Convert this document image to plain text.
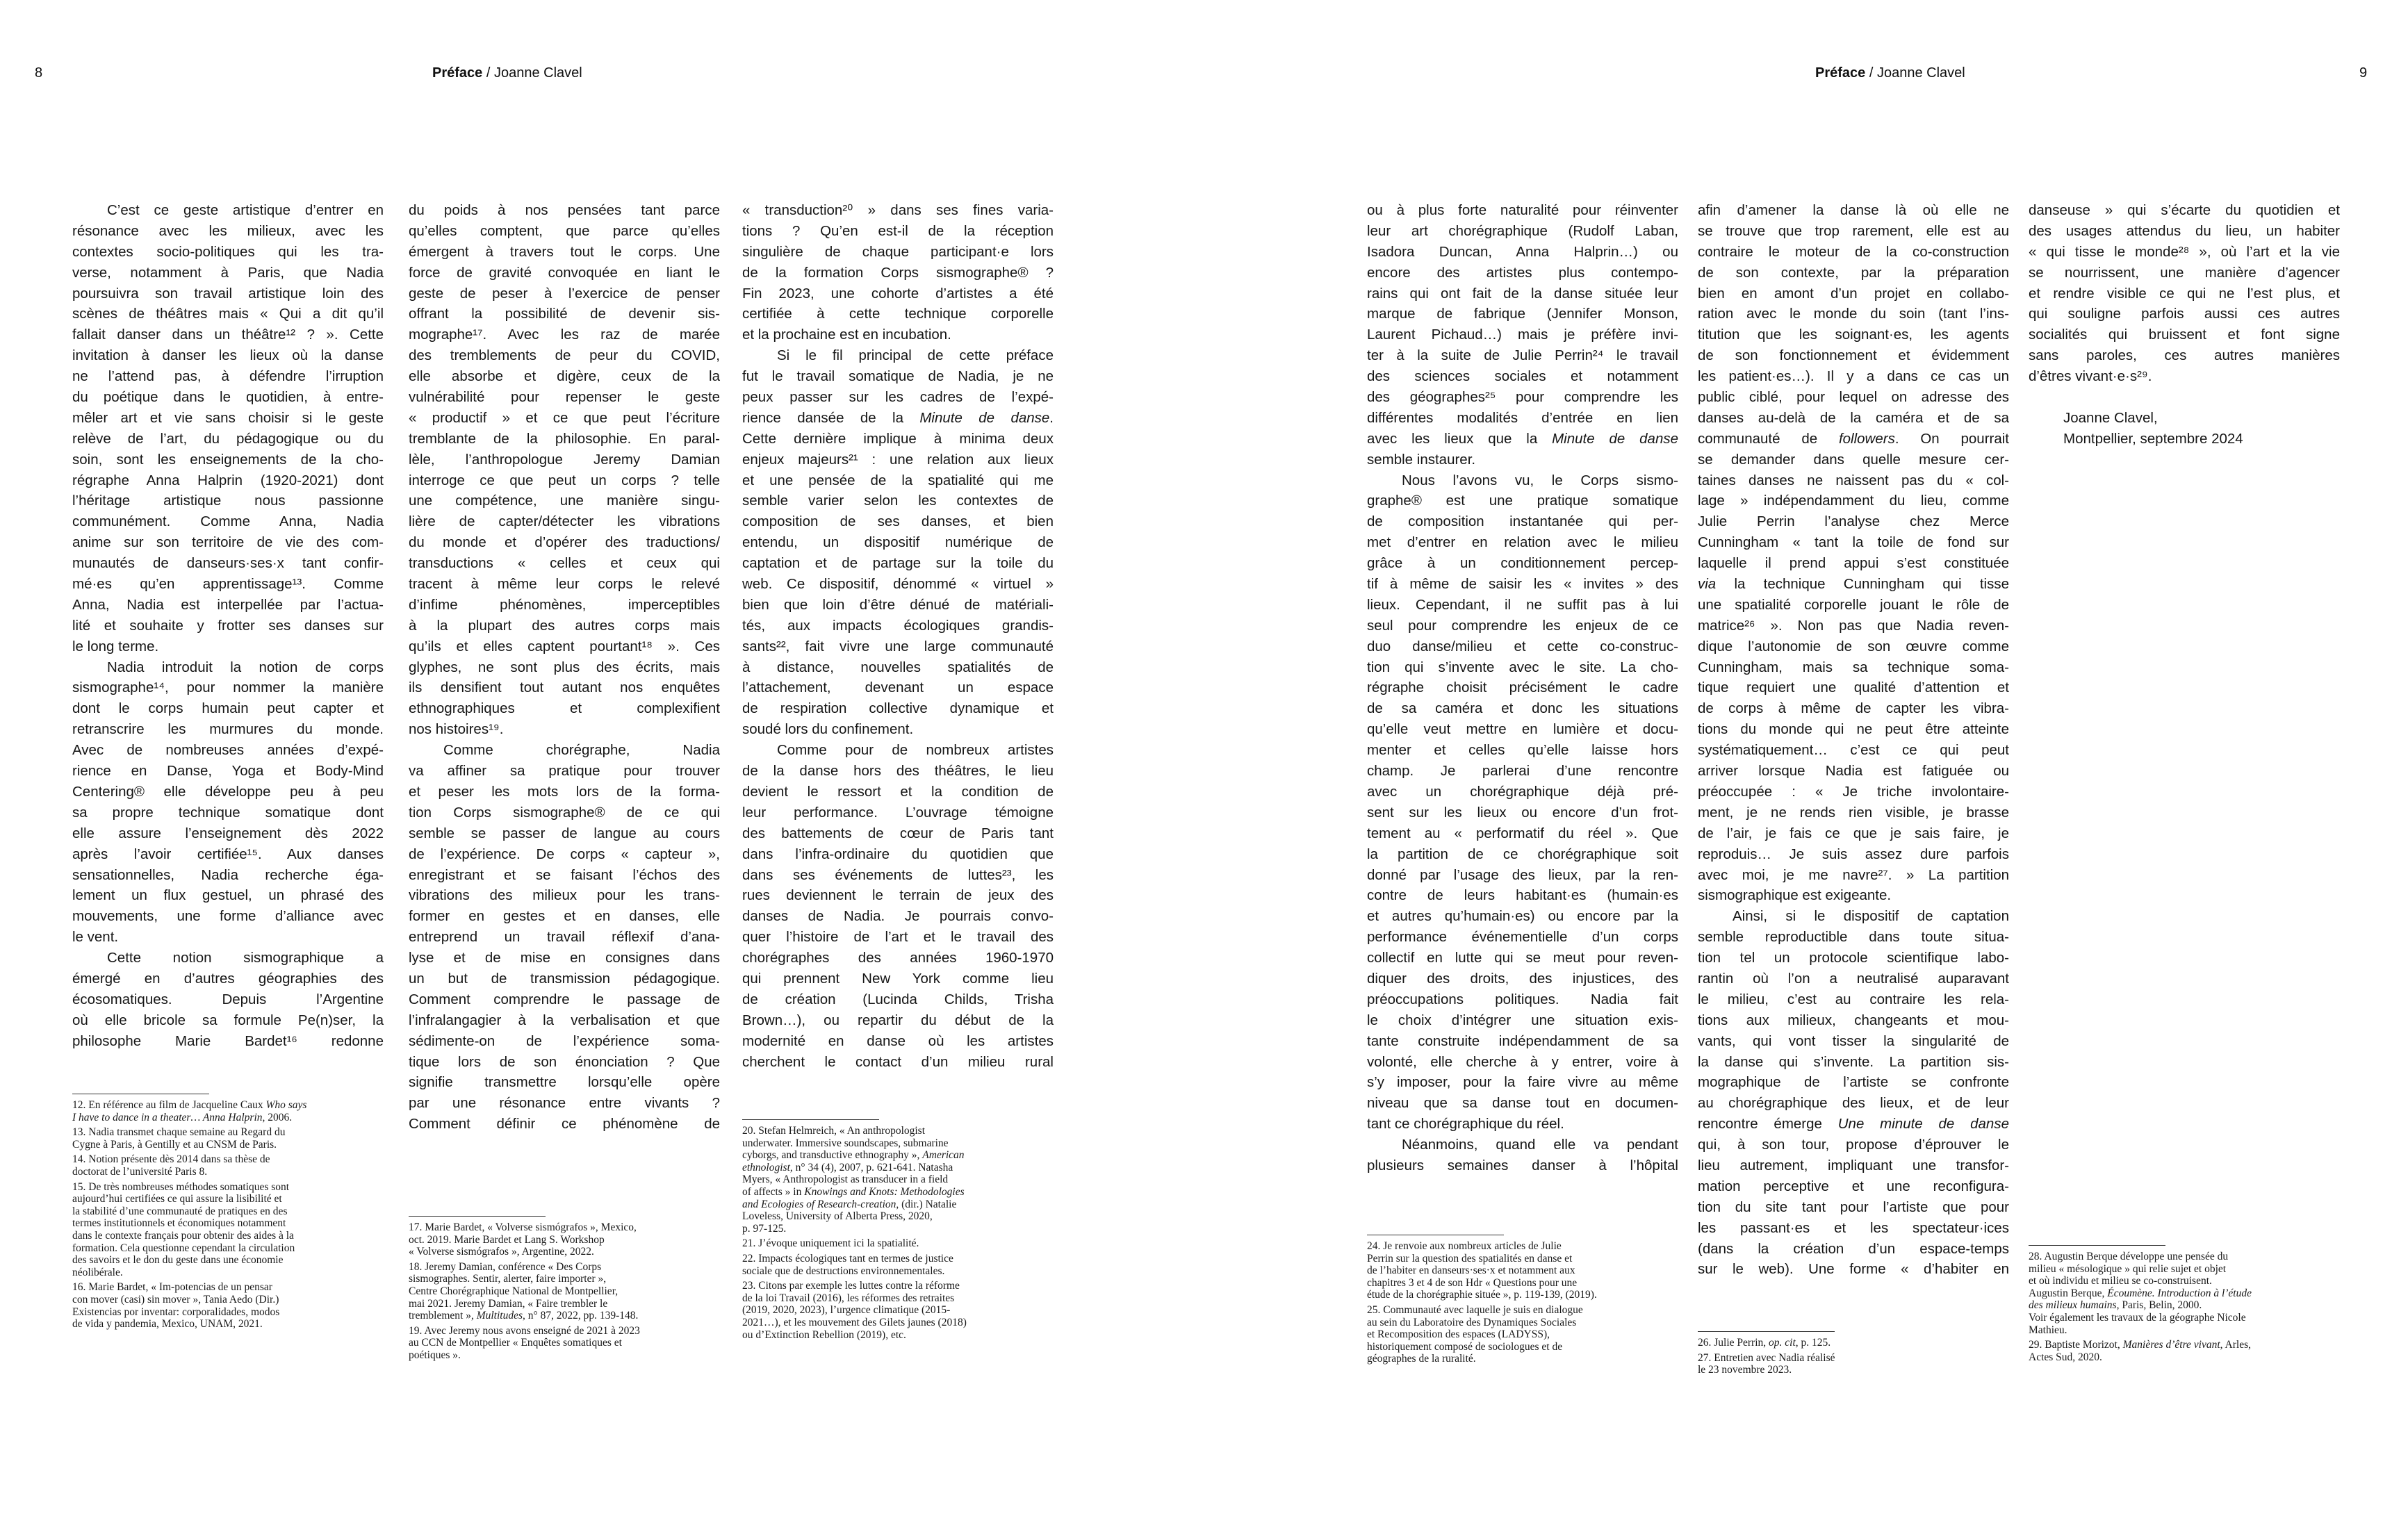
8	Préface / Joanne Clavel	Préface / Joanne Clavel	9
C’est ce geste artistique d’entrer en
résonance avec les milieux, avec les
contextes socio-politiques qui les tra-
verse, notamment à Paris, que Nadia
poursuivra son travail artistique loin des
scènes de théâtres mais « Qui a dit qu’il
fallait danser dans un théâtre¹² ? ». Cette
invitation à danser les lieux où la danse
ne l’attend pas, à défendre l’irruption
du poétique dans le quotidien, à entre-
mêler art et vie sans choisir si le geste
relève de l’art, du pédagogique ou du
soin, sont les enseignements de la cho-
régraphe Anna Halprin (1920-2021) dont
l’héritage artistique nous passionne
communément. Comme Anna, Nadia
anime sur son territoire de vie des com-
munautés de danseurs·ses·x tant confir-
mé·es qu’en apprentissage¹³. Comme
Anna, Nadia est interpellée par l’actua-
lité et souhaite y frotter ses danses sur
le long terme.
Nadia introduit la notion de corps
sismographe¹⁴, pour nommer la manière
dont le corps humain peut capter et
retranscrire les murmures du monde.
Avec de nombreuses années d’expé-
rience en Danse, Yoga et Body-Mind
Centering® elle développe peu à peu
sa propre technique somatique dont
elle assure l’enseignement dès 2022
après l’avoir certifiée¹⁵. Aux danses
sensationnelles, Nadia recherche éga-
lement un flux gestuel, un phrasé des
mouvements, une forme d’alliance avec
le vent.
Cette notion sismographique a
émergé en d’autres géographies des
écosomatiques. Depuis l’Argentine
où elle bricole sa formule Pe(n)ser, la
philosophe Marie Bardet¹⁶ redonne
du poids à nos pensées tant parce
qu’elles comptent, que parce qu’elles
émergent à travers tout le corps. Une
force de gravité convoquée en liant le
geste de peser à l’exercice de penser
offrant la possibilité de devenir sis-
mographe¹⁷. Avec les raz de marée
des tremblements de peur du COVID,
elle absorbe et digère, ceux de la
vulnérabilité pour repenser le geste
« productif » et ce que peut l’écriture
tremblante de la philosophie. En paral-
lèle, l’anthropologue Jeremy Damian
interroge ce que peut un corps ? telle
une compétence, une manière singu-
lière de capter/détecter les vibrations
du monde et d’opérer des traductions/
transductions « celles et ceux qui
tracent à même leur corps le relevé
d’infime phénomènes, imperceptibles
à la plupart des autres corps mais
qu’ils et elles captent pourtant¹⁸ ». Ces
glyphes, ne sont plus des écrits, mais
ils densifient tout autant nos enquêtes
ethnographiques et complexifient
nos histoires¹⁹.
Comme chorégraphe, Nadia
va affiner sa pratique pour trouver
et peser les mots lors de la forma-
tion Corps sismographe® de ce qui
semble se passer de langue au cours
de l’expérience. De corps « capteur »,
enregistrant et se faisant l’échos des
vibrations des milieux pour les trans-
former en gestes et en danses, elle
entreprend un travail réflexif d’ana-
lyse et de mise en consignes dans
un but de transmission pédagogique.
Comment comprendre le passage de
l’infralangagier à la verbalisation et que
sédimente-on de l’expérience soma-
tique lors de son énonciation ? Que
signifie transmettre lorsqu’elle opère
par une résonance entre vivants ?
Comment définir ce phénomène de
« transduction²⁰ » dans ses fines varia-
tions ? Qu’en est-il de la réception
singulière de chaque participant·e lors
de la formation Corps sismographe® ?
Fin 2023, une cohorte d’artistes a été
certifiée à cette technique corporelle
et la prochaine est en incubation.
Si le fil principal de cette préface
fut le travail somatique de Nadia, je ne
peux passer sur les cadres de l’expé-
rience dansée de la Minute de danse.
Cette dernière implique à minima deux
enjeux majeurs²¹ : une relation aux lieux
et une pensée de la spatialité qui me
semble varier selon les contextes de
composition de ses danses, et bien
entendu, un dispositif numérique de
captation et de partage sur la toile du
web. Ce dispositif, dénommé « virtuel »
bien que loin d’être dénué de matériali-
tés, aux impacts écologiques grandis-
sants²², fait vivre une large communauté
à distance, nouvelles spatialités de
l’attachement, devenant un espace
de respiration collective dynamique et
soudé lors du confinement.
Comme pour de nombreux artistes
de la danse hors des théâtres, le lieu
devient le ressort et la condition de
leur performance. L’ouvrage témoigne
des battements de cœur de Paris tant
dans l’infra-ordinaire du quotidien que
dans ses événements de luttes²³, les
rues deviennent le terrain de jeux des
danses de Nadia. Je pourrais convo-
quer l’histoire de l’art et le travail des
chorégraphes des années 1960-1970
qui prennent New York comme lieu
de création (Lucinda Childs, Trisha
Brown…), ou repartir du début de la
modernité en danse où les artistes
cherchent le contact d’un milieu rural
ou à plus forte naturalité pour réinventer
leur art chorégraphique (Rudolf Laban,
Isadora Duncan, Anna Halprin…) ou
encore des artistes plus contempo-
rains qui ont fait de la danse située leur
marque de fabrique (Jennifer Monson,
Laurent Pichaud…) mais je préfère invi-
ter à la suite de Julie Perrin²⁴ le travail
des sciences sociales et notamment
des géographes²⁵ pour comprendre les
différentes modalités d’entrée en lien
avec les lieux que la Minute de danse
semble instaurer.
Nous l’avons vu, le Corps sismo-
graphe® est une pratique somatique
de composition instantanée qui per-
met d’entrer en relation avec le milieu
grâce à un conditionnement percep-
tif à même de saisir les « invites » des
lieux. Cependant, il ne suffit pas à lui
seul pour comprendre les enjeux de ce
duo danse/milieu et cette co-construc-
tion qui s’invente avec le site. La cho-
régraphe choisit précisément le cadre
de sa caméra et donc les situations
qu’elle veut mettre en lumière et docu-
menter et celles qu’elle laisse hors
champ. Je parlerai d’une rencontre
avec un chorégraphique déjà pré-
sent sur les lieux ou encore d’un frot-
tement au « performatif du réel ». Que
la partition de ce chorégraphique soit
donné par l’usage des lieux, par la ren-
contre de leurs habitant·es (humain·es
et autres qu’humain·es) ou encore par la
performance événementielle d’un corps
collectif en lutte qui se meut pour reven-
diquer des droits, des injustices, des
préoccupations politiques. Nadia fait
le choix d’intégrer une situation exis-
tante construite indépendamment de sa
volonté, elle cherche à y entrer, voire à
s’y imposer, pour la faire vivre au même
niveau que sa danse tout en documen-
tant ce chorégraphique du réel.
Néanmoins, quand elle va pendant
plusieurs semaines danser à l’hôpital
afin d’amener la danse là où elle ne
se trouve que trop rarement, elle est au
contraire le moteur de la co-construction
de son contexte, par la préparation
bien en amont d’un projet en collabo-
ration avec le monde du soin (tant l’ins-
titution que les soignant·es, les agents
de son fonctionnement et évidemment
les patient·es…). Il y a dans ce cas un
public ciblé, pour lequel on adresse des
danses au-delà de la caméra et de sa
communauté de followers. On pourrait
se demander dans quelle mesure cer-
taines danses ne naissent pas du « col-
lage » indépendamment du lieu, comme
Julie Perrin l’analyse chez Merce
Cunningham « tant la toile de fond sur
laquelle il prend appui s’est constituée
via la technique Cunningham qui tisse
une spatialité corporelle jouant le rôle de
matrice²⁶ ». Non pas que Nadia reven-
dique l’autonomie de son œuvre comme
Cunningham, mais sa technique soma-
tique requiert une qualité d’attention et
de corps à même de capter les vibra-
tions du monde qui ne peut être atteinte
systématiquement… c’est ce qui peut
arriver lorsque Nadia est fatiguée ou
préoccupée : « Je triche involontaire-
ment, je ne rends rien visible, je brasse
de l’air, je fais ce que je sais faire, je
reproduis… Je suis assez dure parfois
avec moi, je me navre²⁷. » La partition
sismographique est exigeante.
Ainsi, si le dispositif de captation
semble reproductible dans toute situa-
tion tel un protocole scientifique labo-
rantin où l’on a neutralisé auparavant
le milieu, c’est au contraire les rela-
tions aux milieux, changeants et mou-
vants, qui vont tisser la singularité de
la danse qui s’invente. La partition sis-
mographique de l’artiste se confronte
au chorégraphique des lieux, et de leur
rencontre émerge Une minute de danse
qui, à son tour, propose d’éprouver le
lieu autrement, impliquant une transfor-
mation perceptive et une reconfigura-
tion du site tant pour l’artiste que pour
les passant·es et les spectateur·ices
(dans la création d’un espace-temps
sur le web). Une forme « d’habiter en
danseuse » qui s’écarte du quotidien et
des usages attendus du lieu, un habiter
« qui tisse le monde²⁸ », où l’art et la vie
se nourrissent, une manière d’agencer
et rendre visible ce qui ne l’est plus, et
qui souligne parfois aussi ces autres
socialités qui bruissent et font signe
sans paroles, ces autres manières
d’êtres vivant·e·s²⁹.
Joanne Clavel,
Montpellier, septembre 2024
12. En référence au film de Jacqueline Caux Who says
I have to dance in a theater… Anna Halprin, 2006.
13. Nadia transmet chaque semaine au Regard du
Cygne à Paris, à Gentilly et au CNSM de Paris.
14. Notion présente dès 2014 dans sa thèse de
doctorat de l’université Paris 8.
15. De très nombreuses méthodes somatiques sont
aujourd’hui certifiées ce qui assure la lisibilité et
la stabilité d’une communauté de pratiques en des
termes institutionnels et économiques notamment
dans le contexte français pour obtenir des aides à la
formation. Cela questionne cependant la circulation
des savoirs et le don du geste dans une économie
néolibérale.
16. Marie Bardet, « Im-potencias de un pensar
con mover (casi) sin mover », Tania Aedo (Dir.)
Existencias por inventar: corporalidades, modos
de vida y pandemia, Mexico, UNAM, 2021.
17. Marie Bardet, « Volverse sismógrafos », Mexico,
oct. 2019. Marie Bardet et Lang S. Workshop
« Volverse sismógrafos », Argentine, 2022.
18. Jeremy Damian, conférence « Des Corps
sismographes. Sentir, alerter, faire importer »,
Centre Chorégraphique National de Montpellier,
mai 2021. Jeremy Damian, « Faire trembler le
tremblement », Multitudes, n° 87, 2022, pp. 139-148.
19. Avec Jeremy nous avons enseigné de 2021 à 2023
au CCN de Montpellier « Enquêtes somatiques et
poétiques ».
20. Stefan Helmreich, « An anthropologist
underwater. Immersive soundscapes, submarine
cyborgs, and transductive ethnography », American
ethnologist, n° 34 (4), 2007, p. 621-641. Natasha
Myers, « Anthropologist as transducer in a field
of affects » in Knowings and Knots: Methodologies
and Ecologies of Research-creation, (dir.) Natalie
Loveless, University of Alberta Press, 2020,
p. 97-125.
21. J’évoque uniquement ici la spatialité.
22. Impacts écologiques tant en termes de justice
sociale que de destructions environnementales.
23. Citons par exemple les luttes contre la réforme
de la loi Travail (2016), les réformes des retraites
(2019, 2020, 2023), l’urgence climatique (2015-
2021…), et les mouvement des Gilets jaunes (2018)
ou d’Extinction Rebellion (2019), etc.
24. Je renvoie aux nombreux articles de Julie
Perrin sur la question des spatialités en danse et
de l’habiter en danseurs·ses·x et notamment aux
chapitres 3 et 4 de son Hdr « Questions pour une
étude de la chorégraphie située », p. 119-139, (2019).
25. Communauté avec laquelle je suis en dialogue
au sein du Laboratoire des Dynamiques Sociales
et Recomposition des espaces (LADYSS),
historiquement composé de sociologues et de
géographes de la ruralité.
26. Julie Perrin, op. cit, p. 125.
27. Entretien avec Nadia réalisé
le 23 novembre 2023.
28. Augustin Berque développe une pensée du
milieu « mésologique » qui relie sujet et objet
et où individu et milieu se co-construisent.
Augustin Berque, Écoumène. Introduction à l’étude
des milieux humains, Paris, Belin, 2000.
Voir également les travaux de la géographe Nicole
Mathieu.
29. Baptiste Morizot, Manières d’être vivant, Arles,
Actes Sud, 2020.
